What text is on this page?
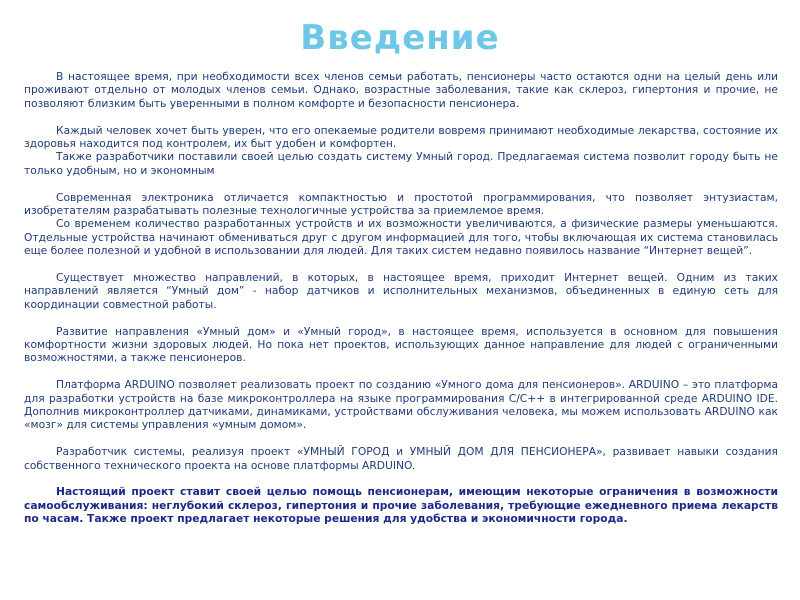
Введение

В настоящее время, при необходимости всех членов семьи работать, пенсионеры часто остаются одни на целый день или проживают отдельно от молодых членов семьи. Однако, возрастные заболевания, такие как склероз, гипертония и прочие, не позволяют близким быть уверенными в полном комфорте и безопасности пенсионера.

Каждый человек хочет быть уверен, что его опекаемые родители вовремя принимают необходимые лекарства, состояние их здоровья находится под контролем, их быт удобен и комфортен.

Также разработчики поставили своей целью создать систему Умный город. Предлагаемая система позволит городу быть не только удобным, но и экономным

Современная электроника отличается компактностью и простотой программирования, что позволяет энтузиастам, изобретателям разрабатывать полезные технологичные устройства за приемлемое время.

Со временем количество разработанных устройств и их возможности увеличиваются, а физические размеры уменьшаются. Отдельные устройства начинают обмениваться друг с другом информацией для того, чтобы включающая их система становилась еще более полезной и удобной в использовании для людей. Для таких систем недавно появилось название “Интернет вещей”.

Существует множество направлений, в которых, в настоящее время, приходит Интернет вещей. Одним из таких направлений является “Умный дом” - набор датчиков и исполнительных механизмов, объединенных в единую сеть для координации совместной работы.

Развитие направления «Умный дом» и «Умный город», в настоящее время, используется в основном для повышения комфортности жизни здоровых людей. Но пока нет проектов, использующих данное направление для людей с ограниченными возможностями, а также пенсионеров.

Платформа ARDUINO позволяет реализовать проект по созданию «Умного дома для пенсионеров». ARDUINO – это платформа для разработки устройств на базе микроконтроллера на языке программирования C/C++ в интегрированной среде ARDUINO IDE. Дополнив микроконтроллер датчиками, динамиками, устройствами обслуживания человека, мы можем использовать ARDUINO как «мозг» для системы управления «умным домом».

Разработчик системы, реализуя проект «УМНЫЙ ГОРОД и УМНЫЙ ДОМ ДЛЯ ПЕНСИОНЕРА», развивает навыки создания собственного технического проекта на основе платформы ARDUINO.

Настоящий проект ставит своей целью помощь пенсионерам, имеющим некоторые ограничения в возможности самообслуживания: неглубокий склероз, гипертония и прочие заболевания, требующие ежедневного приема лекарств по часам. Также проект предлагает некоторые решения для удобства и экономичности города.
